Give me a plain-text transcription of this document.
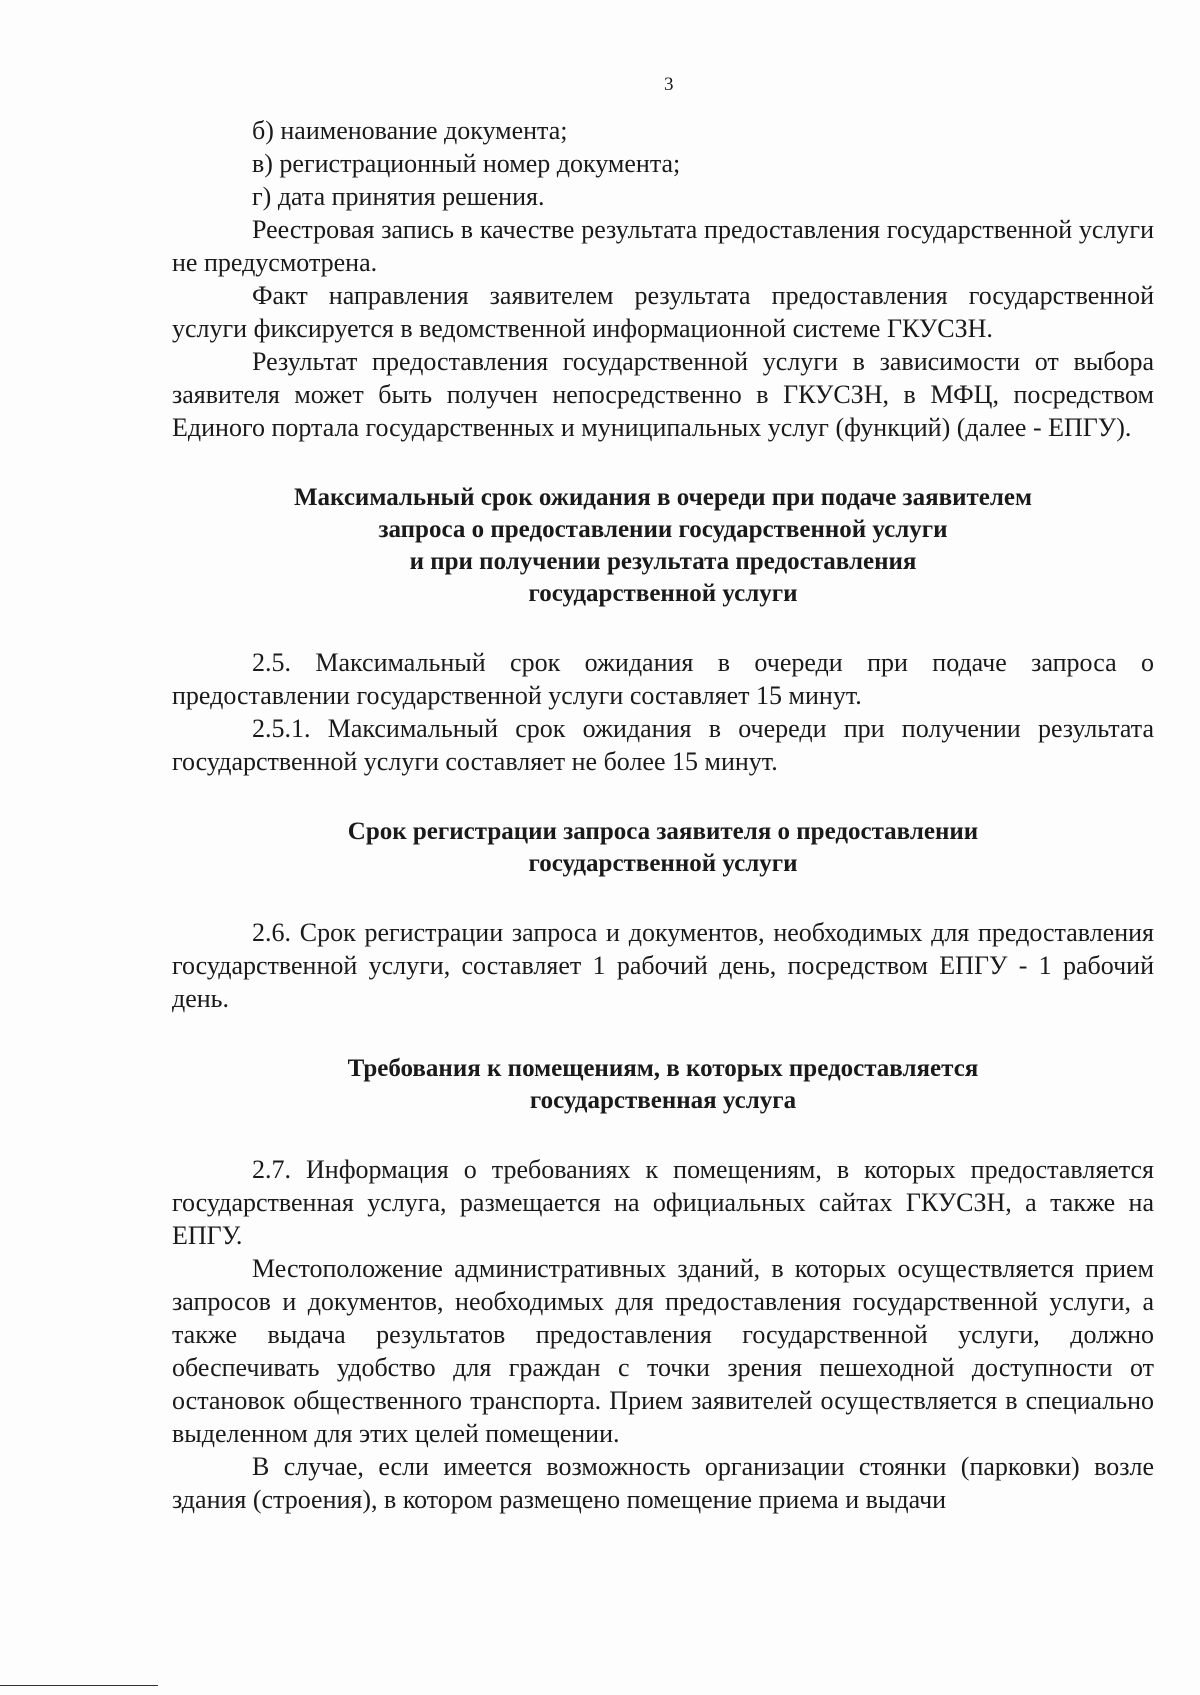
3

б) наименование документа;

в) регистрационный номер документа;

г) дата принятия решения.

Реестровая запись в качестве результата предоставления государственной услуги не предусмотрена.

Факт направления заявителем результата предоставления государственной услуги фиксируется в ведомственной информационной системе ГКУСЗН.

Результат предоставления государственной услуги в зависимости от выбора заявителя может быть получен непосредственно в ГКУСЗН, в МФЦ, посредством Единого портала государственных и муниципальных услуг (функций) (далее - ЕПГУ).

Максимальный срок ожидания в очереди при подаче заявителем
запроса о предоставлении государственной услуги
и при получении результата предоставления
государственной услуги

2.5. Максимальный срок ожидания в очереди при подаче запроса о предоставлении государственной услуги составляет 15 минут.

2.5.1. Максимальный срок ожидания в очереди при получении результата государственной услуги составляет не более 15 минут.

Срок регистрации запроса заявителя о предоставлении
государственной услуги

2.6. Срок регистрации запроса и документов, необходимых для предоставления государственной услуги, составляет 1 рабочий день, посредством ЕПГУ - 1 рабочий день.

Требования к помещениям, в которых предоставляется
государственная услуга

2.7. Информация о требованиях к помещениям, в которых предоставляется государственная услуга, размещается на официальных сайтах ГКУСЗН, а также на ЕПГУ.

Местоположение административных зданий, в которых осуществляется прием запросов и документов, необходимых для предоставления государственной услуги, а также выдача результатов предоставления государственной услуги, должно обеспечивать удобство для граждан с точки зрения пешеходной доступности от остановок общественного транспорта. Прием заявителей осуществляется в специально выделенном для этих целей помещении.

В случае, если имеется возможность организации стоянки (парковки) возле здания (строения), в котором размещено помещение приема и выдачи
